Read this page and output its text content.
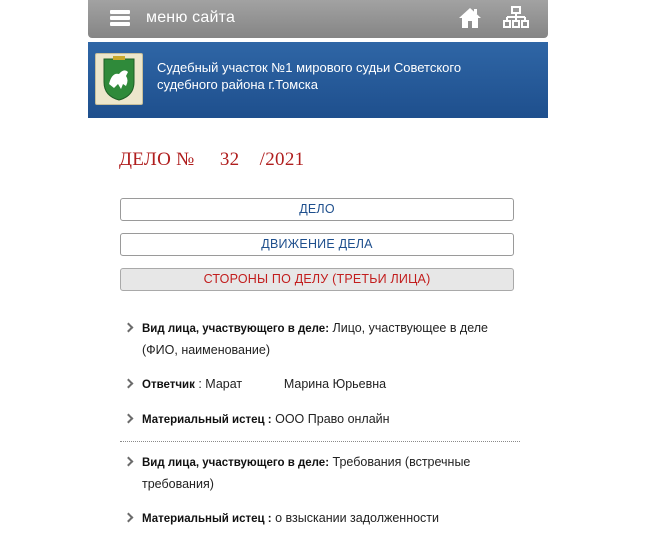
меню сайта
Судебный участок №1 мирового судьи Советского
судебного района г.Томска
ДЕЛО №     32    /2021
ДЕЛО
ДВИЖЕНИЕ ДЕЛА
СТОРОНЫ ПО ДЕЛУ (ТРЕТЬИ ЛИЦА)
Вид лица, участвующего в деле: Лицо, участвующее в деле (ФИО, наименование)
Ответчик : Марат            Марина Юрьевна
Материальный истец : ООО Право онлайн
Вид лица, участвующего в деле: Требования (встречные требования)
Материальный истец : о взыскании задолженности
